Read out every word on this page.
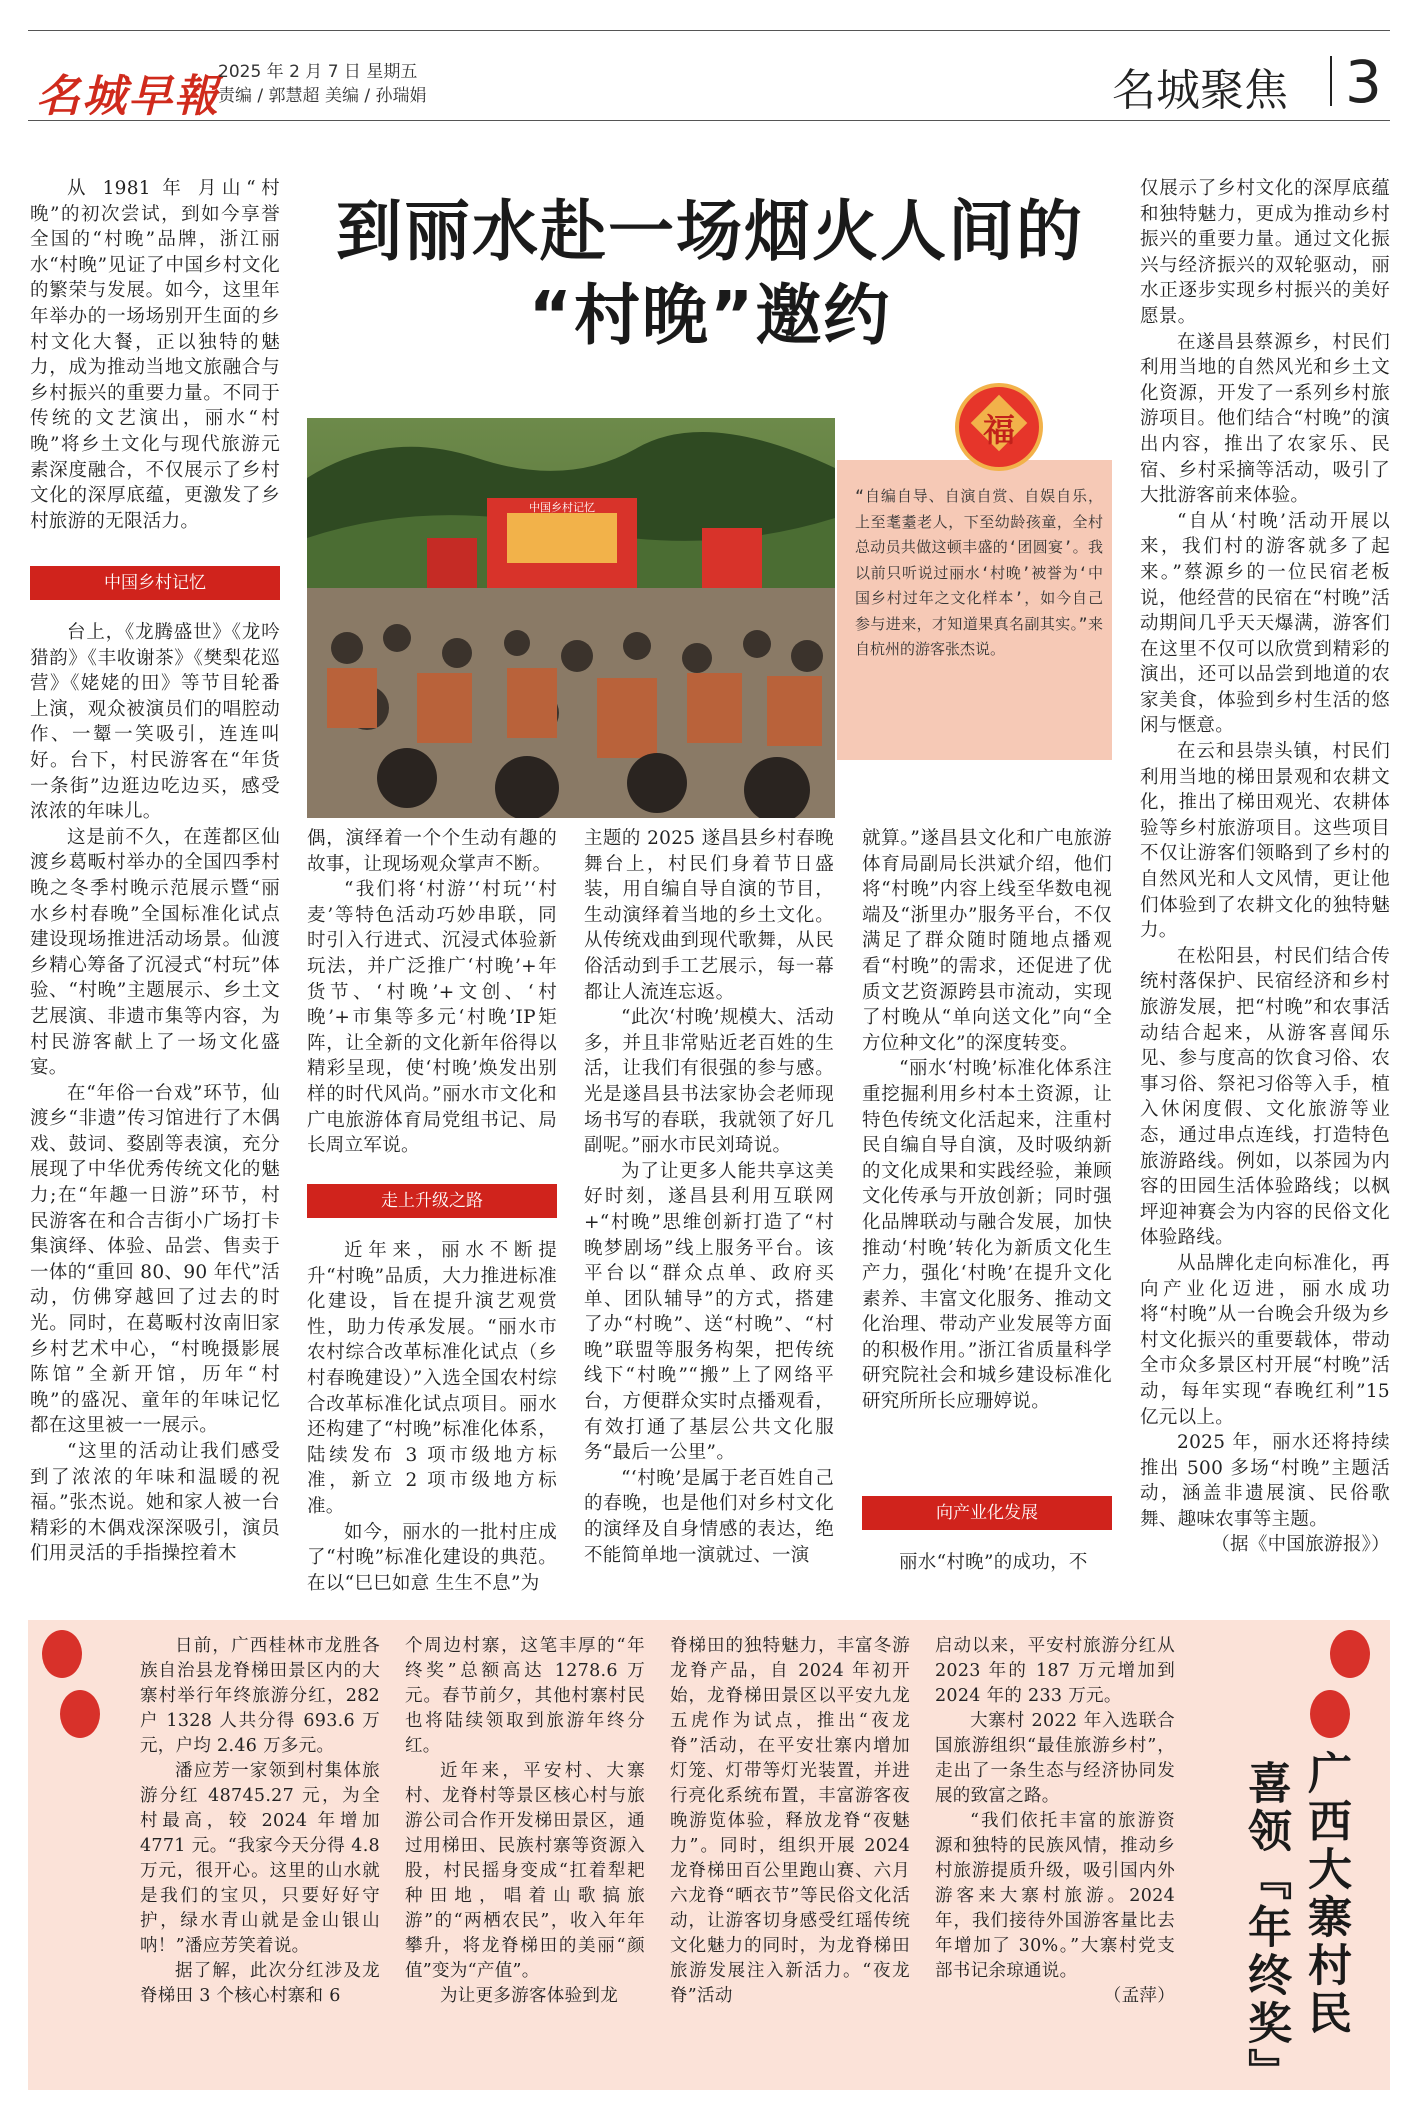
名城早報
2025 年 2 月 7 日 星期五
责编 / 郭慧超 美编 / 孙瑞娟	名城聚焦 3
到丽水赴一场烟火人间的
“村晚”邀约

从 1981 年 月山“村晚”的初次尝试，到如今享誉全国的“村晚”品牌，浙江丽水“村晚”见证了中国乡村文化的繁荣与发展。如今，这里年年举办的一场场别开生面的乡村文化大餐，正以独特的魅力，成为推动当地文旅融合与乡村振兴的重要力量。不同于传统的文艺演出，丽水“村晚”将乡土文化与现代旅游元素深度融合，不仅展示了乡村文化的深厚底蕴，更激发了乡村旅游的无限活力。

中国乡村记忆

台上，《龙腾盛世》《龙吟猎韵》《丰收谢茶》《樊梨花巡营》《姥姥的田》等节目轮番上演，观众被演员们的唱腔动作、一颦一笑吸引，连连叫好。台下，村民游客在“年货一条街”边逛边吃边买，感受浓浓的年味儿。

这是前不久，在莲都区仙渡乡葛畈村举办的全国四季村晚之冬季村晚示范展示暨“丽水乡村春晚”全国标准化试点建设现场推进活动场景。仙渡乡精心筹备了沉浸式“村玩”体验、“村晚”主题展示、乡土文艺展演、非遗市集等内容，为村民游客献上了一场文化盛宴。

在“年俗一台戏”环节，仙渡乡“非遗”传习馆进行了木偶戏、鼓词、婺剧等表演，充分展现了中华优秀传统文化的魅力;在“年趣一日游”环节，村民游客在和合吉街小广场打卡集演绎、体验、品尝、售卖于一体的“重回 80、90 年代”活动，仿佛穿越回了过去的时光。同时，在葛畈村汝南旧家乡村艺术中心，“村晚摄影展陈馆”全新开馆，历年“村晚”的盛况、童年的年味记忆都在这里被一一展示。

“这里的活动让我们感受到了浓浓的年味和温暖的祝福。”张杰说。她和家人被一台精彩的木偶戏深深吸引，演员们用灵活的手指操控着木

中国乡村记忆
福
“自编自导、自演自赏、自娱自乐，上至耄耋老人，下至幼龄孩童，全村总动员共做这顿丰盛的‘团圆宴’。我以前只听说过丽水‘村晚’被誉为‘中国乡村过年之文化样本’，如今自己参与进来，才知道果真名副其实。”来自杭州的游客张杰说。

偶，演绎着一个个生动有趣的故事，让现场观众掌声不断。

“我们将‘村游’‘村玩’‘村麦’等特色活动巧妙串联，同时引入行进式、沉浸式体验新玩法，并广泛推广‘村晚’+年货节、‘村晚’+文创、‘村晚’+市集等多元‘村晚’IP矩阵，让全新的文化新年俗得以精彩呈现，使‘村晚’焕发出别样的时代风尚。”丽水市文化和广电旅游体育局党组书记、局长周立军说。

走上升级之路

近年来，丽水不断提升“村晚”品质，大力推进标准化建设，旨在提升演艺观赏性，助力传承发展。“丽水市农村综合改革标准化试点（乡村春晚建设）”入选全国农村综合改革标准化试点项目。丽水还构建了“村晚”标准化体系，陆续发布 3 项市级地方标准，新立 2 项市级地方标准。

如今，丽水的一批村庄成了“村晚”标准化建设的典范。在以“巳巳如意 生生不息”为

主题的 2025 遂昌县乡村春晚舞台上，村民们身着节日盛装，用自编自导自演的节目，生动演绎着当地的乡土文化。从传统戏曲到现代歌舞，从民俗活动到手工艺展示，每一幕都让人流连忘返。

“此次‘村晚’规模大、活动多，并且非常贴近老百姓的生活，让我们有很强的参与感。光是遂昌县书法家协会老师现场书写的春联，我就领了好几副呢。”丽水市民刘琦说。

为了让更多人能共享这美好时刻，遂昌县利用互联网+“村晚”思维创新打造了“村晚梦剧场”线上服务平台。该平台以“群众点单、政府买单、团队辅导”的方式，搭建了办“村晚”、送“村晚”、“村晚”联盟等服务构架，把传统线下“村晚”“搬”上了网络平台，方便群众实时点播观看，有效打通了基层公共文化服务“最后一公里”。

“‘村晚’是属于老百姓自己的春晚，也是他们对乡村文化的演绎及自身情感的表达，绝不能简单地一演就过、一演

就算。”遂昌县文化和广电旅游体育局副局长洪斌介绍，他们将“村晚”内容上线至华数电视端及“浙里办”服务平台，不仅满足了群众随时随地点播观看“村晚”的需求，还促进了优质文艺资源跨县市流动，实现了村晚从“单向送文化”向“全方位种文化”的深度转变。

“丽水‘村晚’标准化体系注重挖掘利用乡村本土资源，让特色传统文化活起来，注重村民自编自导自演，及时吸纳新的文化成果和实践经验，兼顾文化传承与开放创新；同时强化品牌联动与融合发展，加快推动‘村晚’转化为新质文化生产力，强化‘村晚’在提升文化素养、丰富文化服务、推动文化治理、带动产业发展等方面的积极作用。”浙江省质量科学研究院社会和城乡建设标准化研究所所长应珊婷说。

向产业化发展

丽水“村晚”的成功，不

仅展示了乡村文化的深厚底蕴和独特魅力，更成为推动乡村振兴的重要力量。通过文化振兴与经济振兴的双轮驱动，丽水正逐步实现乡村振兴的美好愿景。

在遂昌县蔡源乡，村民们利用当地的自然风光和乡土文化资源，开发了一系列乡村旅游项目。他们结合“村晚”的演出内容，推出了农家乐、民宿、乡村采摘等活动，吸引了大批游客前来体验。

“自从‘村晚’活动开展以来，我们村的游客就多了起来。”蔡源乡的一位民宿老板说，他经营的民宿在“村晚”活动期间几乎天天爆满，游客们在这里不仅可以欣赏到精彩的演出，还可以品尝到地道的农家美食，体验到乡村生活的悠闲与惬意。

在云和县崇头镇，村民们利用当地的梯田景观和农耕文化，推出了梯田观光、农耕体验等乡村旅游项目。这些项目不仅让游客们领略到了乡村的自然风光和人文风情，更让他们体验到了农耕文化的独特魅力。

在松阳县，村民们结合传统村落保护、民宿经济和乡村旅游发展，把“村晚”和农事活动结合起来，从游客喜闻乐见、参与度高的饮食习俗、农事习俗、祭祀习俗等入手，植入休闲度假、文化旅游等业态，通过串点连线，打造特色旅游路线。例如，以茶园为内容的田园生活体验路线；以枫坪迎神赛会为内容的民俗文化体验路线。

从品牌化走向标准化，再向产业化迈进，丽水成功将“村晚”从一台晚会升级为乡村文化振兴的重要载体，带动全市众多景区村开展“村晚”活动，每年实现“春晚红利”15 亿元以上。

2025 年，丽水还将持续推出 500 多场“村晚”主题活动，涵盖非遗展演、民俗歌舞、趣味农事等主题。

（据《中国旅游报》）

日前，广西桂林市龙胜各族自治县龙脊梯田景区内的大寨村举行年终旅游分红，282 户 1328 人共分得 693.6 万元，户均 2.46 万多元。

潘应芳一家领到村集体旅游分红 48745.27 元，为全村最高，较 2024 年增加 4771 元。“我家今天分得 4.8 万元，很开心。这里的山水就是我们的宝贝，只要好好守护，绿水青山就是金山银山呐！”潘应芳笑着说。

据了解，此次分红涉及龙脊梯田 3 个核心村寨和 6

个周边村寨，这笔丰厚的“年终奖”总额高达 1278.6 万元。春节前夕，其他村寨村民也将陆续领取到旅游年终分红。

近年来，平安村、大寨村、龙脊村等景区核心村与旅游公司合作开发梯田景区，通过用梯田、民族村寨等资源入股，村民摇身变成“扛着犁耙种田地，唱着山歌搞旅游”的“两栖农民”，收入年年攀升，将龙脊梯田的美丽“颜值”变为“产值”。

为让更多游客体验到龙

脊梯田的独特魅力，丰富冬游龙脊产品，自 2024 年初开始，龙脊梯田景区以平安九龙五虎作为试点，推出“夜龙脊”活动，在平安壮寨内增加灯笼、灯带等灯光装置，并进行亮化系统布置，丰富游客夜晚游览体验，释放龙脊“夜魅力”。同时，组织开展 2024 龙脊梯田百公里跑山赛、六月六龙脊“晒衣节”等民俗文化活动，让游客切身感受红瑶传统文化魅力的同时，为龙脊梯田旅游发展注入新活力。“夜龙脊”活动

启动以来，平安村旅游分红从 2023 年的 187 万元增加到 2024 年的 233 万元。

大寨村 2022 年入选联合国旅游组织“最佳旅游乡村”，走出了一条生态与经济协同发展的致富之路。

“我们依托丰富的旅游资源和独特的民族风情，推动乡村旅游提质升级，吸引国内外游客来大寨村旅游。2024 年，我们接待外国游客量比去年增加了 30%。”大寨村党支部书记余琼通说。

（孟萍）	广西大寨村民
喜领『年终奖』
